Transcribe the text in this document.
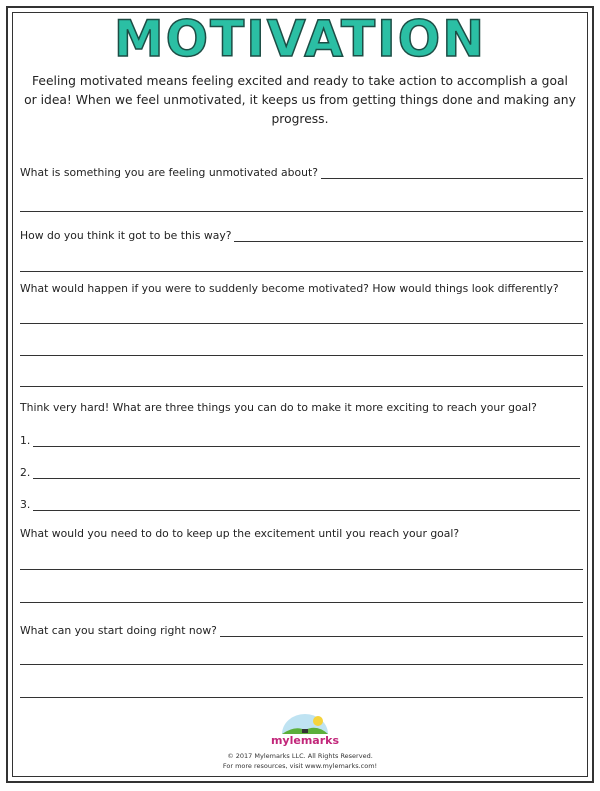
MOTIVATION
Feeling motivated means feeling excited and ready to take action to accomplish a goal or idea! When we feel unmotivated, it keeps us from getting things done and making any progress.
What is something you are feeling unmotivated about?
How do you think it got to be this way?
What would happen if you were to suddenly become motivated? How would things look differently?
Think very hard! What are three things you can do to make it more exciting to reach your goal?
1.
2.
3.
What would you need to do to keep up the excitement until you reach your goal?
What can you start doing right now?
mylemarks
© 2017 Mylemarks LLC. All Rights Reserved.
For more resources, visit www.mylemarks.com!
